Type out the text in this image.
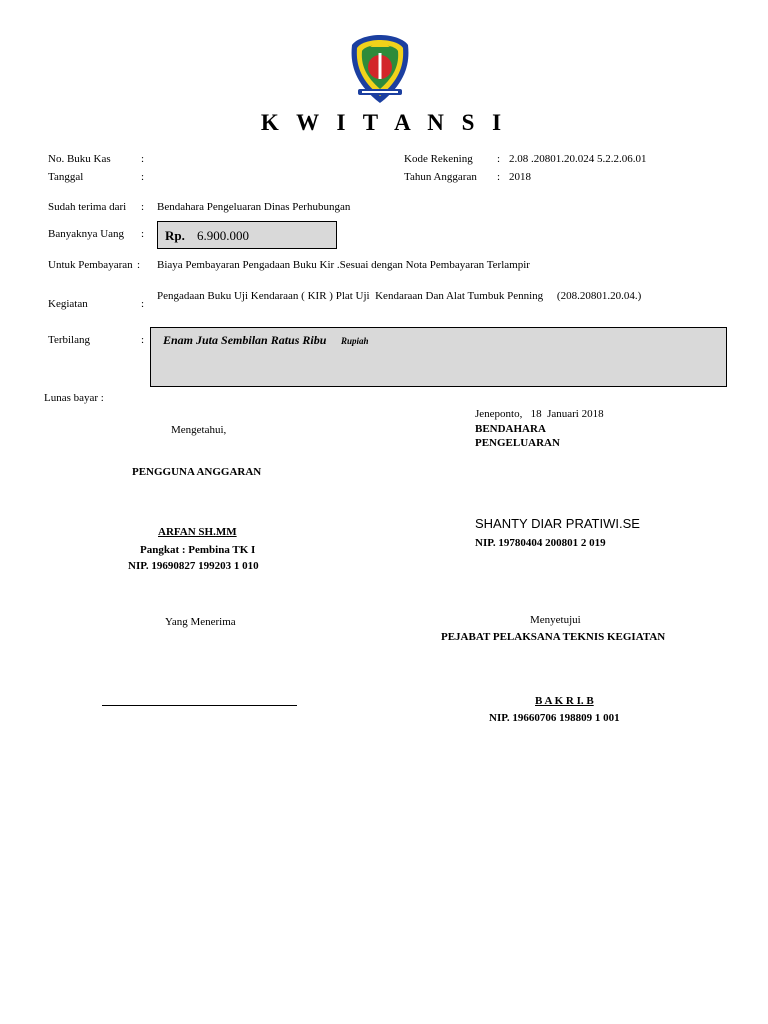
K W I T A N S I
No. Buku Kas	:
Tanggal	:
Kode Rekening : 2.08 .20801.20.024 5.2.2.06.01
Tahun Anggaran : 2018
Sudah terima dari : Bendahara Pengeluaran Dinas Perhubungan
Banyaknya Uang : Rp. 6.900.000
Untuk Pembayaran : Biaya Pembayaran Pengadaan Buku Kir .Sesuai dengan Nota Pembayaran Terlampir
Kegiatan	:
Pengadaan Buku Uji Kendaraan ( KIR ) Plat Uji  Kendaraan Dan Alat Tumbuk Penning     (208.20801.20.04.)
Terbilang	: Enam Juta Sembilan Ratus Ribu Rupiah
Lunas bayar :
Jeneponto,   18  Januari 2018
BENDAHARA
PENGELUARAN
SHANTY DIAR PRATIWI.SE
NIP. 19780404 200801 2 019
Mengetahui,
PENGGUNA ANGGARAN
ARFAN SH.MM
Pangkat : Pembina TK I
NIP. 19690827 199203 1 010
Yang Menerima	Menyetujui
PEJABAT PELAKSANA TEKNIS KEGIATAN
B A K R I. B
NIP. 19660706 198809 1 001
